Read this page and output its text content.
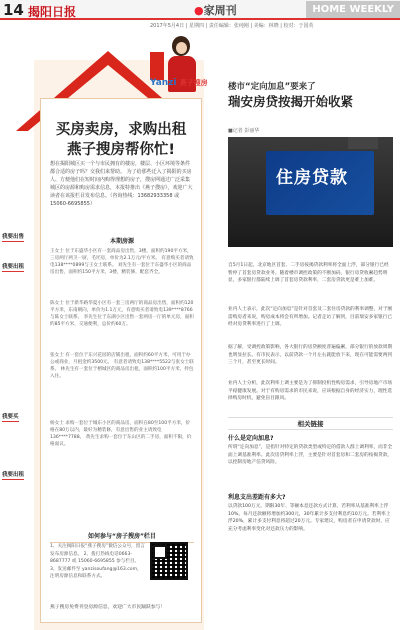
14 揭阳日报	●家周刊	HOME WEEKLY
2017年5月4日 | 星期四 | 责任编辑：张纯刚 | 美编：林晓 | 校对：于国英
买房卖房，求购出租
燕子搜房帮你忙!
想在揭阳城区买一个与市民拥有的楼房，楼层、小区环境等条件都合适的房子吗？交我们来帮助。 为了给那些迁入了揭阳的买房人、方便他们在短时间内购得理想的房子，搜房网通过广泛采集城区的房源和购房需求信息，本报特推出《燕子搜房》，欢迎广大读者在该报栏目发布信息。（咨询热线：13682933358 或 15060-6695855）
本期房源
我要出售
王女士 位于东盛华小区有一套商品房出售，3楼，面积约190平方米，三房两厅两卫一厨，毛坯房，单价为2.1万元/平方米。 有意购买者请致电138****0899与王女士联系。 刘先生有一套位于东盛华小区的商品房出售，面积约150平方米，3楼，精装修，配套齐全。
我要出租
陈女士 位于新华路华夏小区有一套三房两厅的商品房出售，面积约120平方米，东南朝向，单价为1.1万元，有意购买者请致电139****8766与陈女士联系。 李先生位于东湖小区出售一套两房一厅的单元房，面积约85平方米，交通便利，总价约60万。
张女士 有一套位于东兴花园的店铺出租，面积约60平方米，可用于办公或商业，月租金约3500元。 有意者请致电138****5522与张女士联系。 林先生有一套位于榕城区的商品房出租，面积约100平方米，拎包入住。
我要买
杨女士 求购一套位于城东小区的商品房，面积在80至100平方米，价格在80万以内，最好为精装修，有意出售的业主请致电136****7788。 黄先生求购一套位于东山区的二手房，面积不限，价格面议。
我要出租
如何参与“房子搜房”栏目
1、关注揭阳日报“燕子搜房”微信公众号，留言发布房源信息。 2、拨打热线电话0663-8687777 或 15060-6695855 参与栏目。 3、发送邮件至 yanzisoufang@163.com，注明房源信息和联系方式。
燕子搜房免费刊登房源信息，欢迎广大市民踊跃参与！
Yanzi 燕子搜房 楼市“定向加息”要来了
瑞安房贷按揭开始收紧
■记者 彭丽华
住房贷款
自5月1日起，北京地区首套、二手房按揭贷款利率将全面上浮，部分银行已经暂停了首套房贷款业务。随着楼市调控政策的不断加码，银行房贷收紧趋势明显，多家银行都陆续上调了首套房贷款利率，二套房贷款更是难上加难。
业内人士表示，此次“定向加息”是针对首套及二套住房贷款的利率调整，对于刚需购房者来说，购房成本将会有所增加。记者走访了解到，目前瑞安多家银行已经对房贷利率进行了上调。
据了解，受调控政策影响，各大银行的房贷额度普遍偏紧，部分银行的放款周期也明显拉长。有市民表示，以前贷款一个月左右就能放下来，现在可能需要两到三个月，甚至更长时间。
业内人士分析，此次利率上调主要是为了抑制投机性购房需求，引导房地产市场平稳健康发展。对于有购房需求的市民来说，应该根据自身的经济实力，理性选择购房时机，避免盲目跟风。
相关链接
什么是定向加息?
所谓“定向加息”，是指针对特定的贷款类型或特定的借款人群上调利率，而非全面上调基准利率。此次房贷利率上浮，主要是针对首套房和二套房的按揭贷款，以控制房地产信贷风险。
利息支出差距有多大?
以贷款100万元、期限30年、等额本息还款方式计算，若利率从基准利率上浮10%，每月还款额将增加约300元，30年累计多支付利息约10万元。若利率上浮20%，累计多支付利息将超过20万元。专家建议，购房者在申请贷款时，应充分考虑利率变化对还款压力的影响。
